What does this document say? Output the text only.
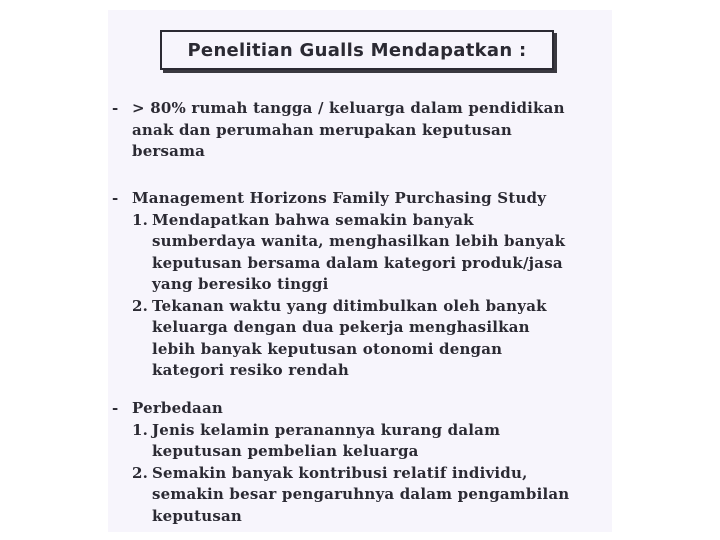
Penelitian Gualls Mendapatkan :
- > 80% rumah tangga / keluarga dalam pendidikan
anak dan perumahan merupakan keputusan
bersama
- Management Horizons Family Purchasing Study
1. Mendapatkan bahwa semakin banyak
sumberdaya wanita, menghasilkan lebih banyak
keputusan bersama dalam kategori produk/jasa
yang beresiko tinggi
2. Tekanan waktu yang ditimbulkan oleh banyak
keluarga dengan dua pekerja menghasilkan
lebih banyak keputusan otonomi dengan
kategori resiko rendah
- Perbedaan
1. Jenis kelamin peranannya kurang dalam
keputusan pembelian keluarga
2. Semakin banyak kontribusi relatif individu,
semakin besar pengaruhnya dalam pengambilan
keputusan
